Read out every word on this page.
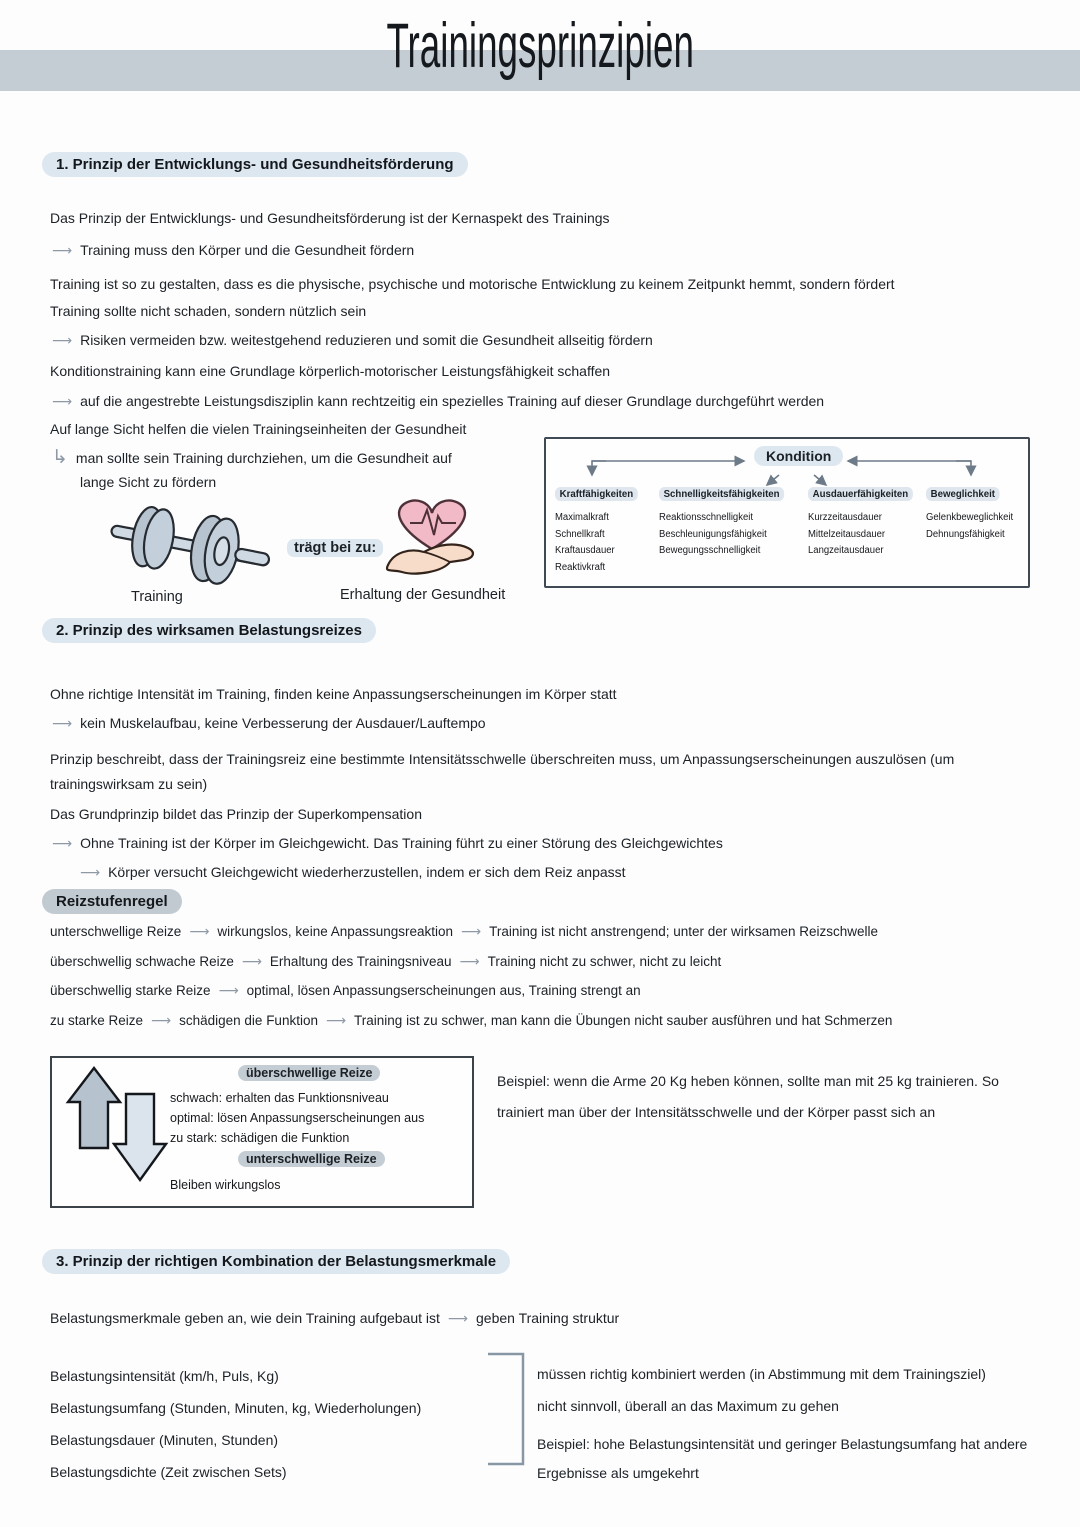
Trainingsprinzipien
1. Prinzip der Entwicklungs- und Gesundheitsförderung
Das Prinzip der Entwicklungs- und Gesundheitsförderung ist der Kernaspekt des Trainings
⟶ Training muss den Körper und die Gesundheit fördern
Training ist so zu gestalten, dass es die physische, psychische und motorische Entwicklung zu keinem Zeitpunkt hemmt, sondern fördert
Training sollte nicht schaden, sondern nützlich sein
⟶ Risiken vermeiden bzw. weitestgehend reduzieren und somit die Gesundheit allseitig fördern
Konditionstraining kann eine Grundlage körperlich-motorischer Leistungsfähigkeit schaffen
⟶ auf die angestrebte Leistungsdisziplin kann rechtzeitig ein spezielles Training auf dieser Grundlage durchgeführt werden
Auf lange Sicht helfen die vielen Trainingseinheiten der Gesundheit
↳ man sollte sein Training durchziehen, um die Gesundheit auf
lange Sicht zu fördern
Training
trägt bei zu:
Erhaltung der Gesundheit
Kondition
Kraftfähigkeiten
Maximalkraft
Schnellkraft
Kraftausdauer
Reaktivkraft
Schnelligkeitsfähigkeiten
Reaktionsschnelligkeit
Beschleunigungsfähigkeit
Bewegungsschnelligkeit
Ausdauerfähigkeiten
Kurzzeitausdauer
Mittelzeitausdauer
Langzeitausdauer
Beweglichkeit
Gelenkbeweglichkeit
Dehnungsfähigkeit
2. Prinzip des wirksamen Belastungsreizes
Ohne richtige Intensität im Training, finden keine Anpassungserscheinungen im Körper statt
⟶ kein Muskelaufbau, keine Verbesserung der Ausdauer/Lauftempo
Prinzip beschreibt, dass der Trainingsreiz eine bestimmte Intensitätsschwelle überschreiten muss, um Anpassungserscheinungen auszulösen (um trainingswirksam zu sein)
Das Grundprinzip bildet das Prinzip der Superkompensation
⟶ Ohne Training ist der Körper im Gleichgewicht. Das Training führt zu einer Störung des Gleichgewichtes
⟶ Körper versucht Gleichgewicht wiederherzustellen, indem er sich dem Reiz anpasst
Reizstufenregel
unterschwellige Reize ⟶ wirkungslos, keine Anpassungsreaktion ⟶ Training ist nicht anstrengend; unter der wirksamen Reizschwelle
überschwellig schwache Reize ⟶ Erhaltung des Trainingsniveau ⟶ Training nicht zu schwer, nicht zu leicht
überschwellig starke Reize ⟶ optimal, lösen Anpassungserscheinungen aus, Training strengt an
zu starke Reize ⟶ schädigen die Funktion ⟶ Training ist zu schwer, man kann die Übungen nicht sauber ausführen und hat Schmerzen
überschwellige Reize
schwach: erhalten das Funktionsniveau
optimal: lösen Anpassungserscheinungen aus
zu stark: schädigen die Funktion
unterschwellige Reize
Bleiben wirkungslos
Beispiel: wenn die Arme 20 Kg heben können, sollte man mit 25 kg trainieren. So trainiert man über der Intensitätsschwelle und der Körper passt sich an
3. Prinzip der richtigen Kombination der Belastungsmerkmale
Belastungsmerkmale geben an, wie dein Training aufgebaut ist ⟶ geben Training struktur
Belastungsintensität (km/h, Puls, Kg)
Belastungsumfang (Stunden, Minuten, kg, Wiederholungen)
Belastungsdauer (Minuten, Stunden)
Belastungsdichte (Zeit zwischen Sets)
müssen richtig kombiniert werden (in Abstimmung mit dem Trainingsziel)
nicht sinnvoll, überall an das Maximum zu gehen
Beispiel: hohe Belastungsintensität und geringer Belastungsumfang hat andere Ergebnisse als umgekehrt
